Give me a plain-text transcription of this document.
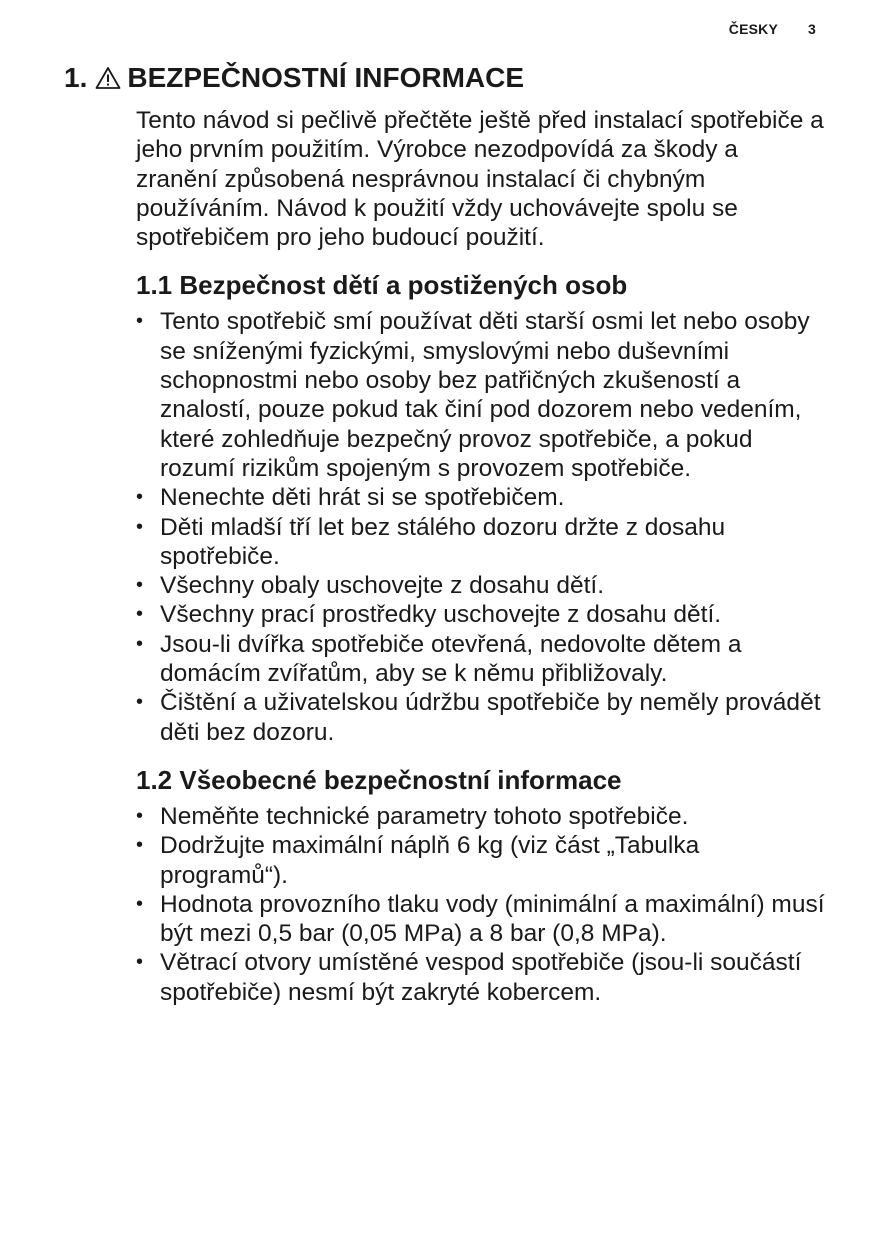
ČESKY 3
1. BEZPEČNOSTNÍ INFORMACE

Tento návod si pečlivě přečtěte ještě před instalací spotřebiče a jeho prvním použitím. Výrobce nezodpovídá za škody a zranění způsobená nesprávnou instalací či chybným používáním. Návod k použití vždy uchovávejte spolu se spotřebičem pro jeho budoucí použití.

1.1 Bezpečnost dětí a postižených osob
• Tento spotřebič smí používat děti starší osmi let nebo osoby se sníženými fyzickými, smyslovými nebo duševními schopnostmi nebo osoby bez patřičných zkušeností a znalostí, pouze pokud tak činí pod dozorem nebo vedením, které zohledňuje bezpečný provoz spotřebiče, a pokud rozumí rizikům spojeným s provozem spotřebiče.
• Nenechte děti hrát si se spotřebičem.
• Děti mladší tří let bez stálého dozoru držte z dosahu spotřebiče.
• Všechny obaly uschovejte z dosahu dětí.
• Všechny prací prostředky uschovejte z dosahu dětí.
• Jsou-li dvířka spotřebiče otevřená, nedovolte dětem a domácím zvířatům, aby se k němu přibližovaly.
• Čištění a uživatelskou údržbu spotřebiče by neměly provádět děti bez dozoru.
1.2 Všeobecné bezpečnostní informace
• Neměňte technické parametry tohoto spotřebiče.
• Dodržujte maximální náplň 6 kg (viz část „Tabulka programů“).
• Hodnota provozního tlaku vody (minimální a maximální) musí být mezi 0,5 bar (0,05 MPa) a 8 bar (0,8 MPa).
• Větrací otvory umístěné vespod spotřebiče (jsou-li součástí spotřebiče) nesmí být zakryté kobercem.
